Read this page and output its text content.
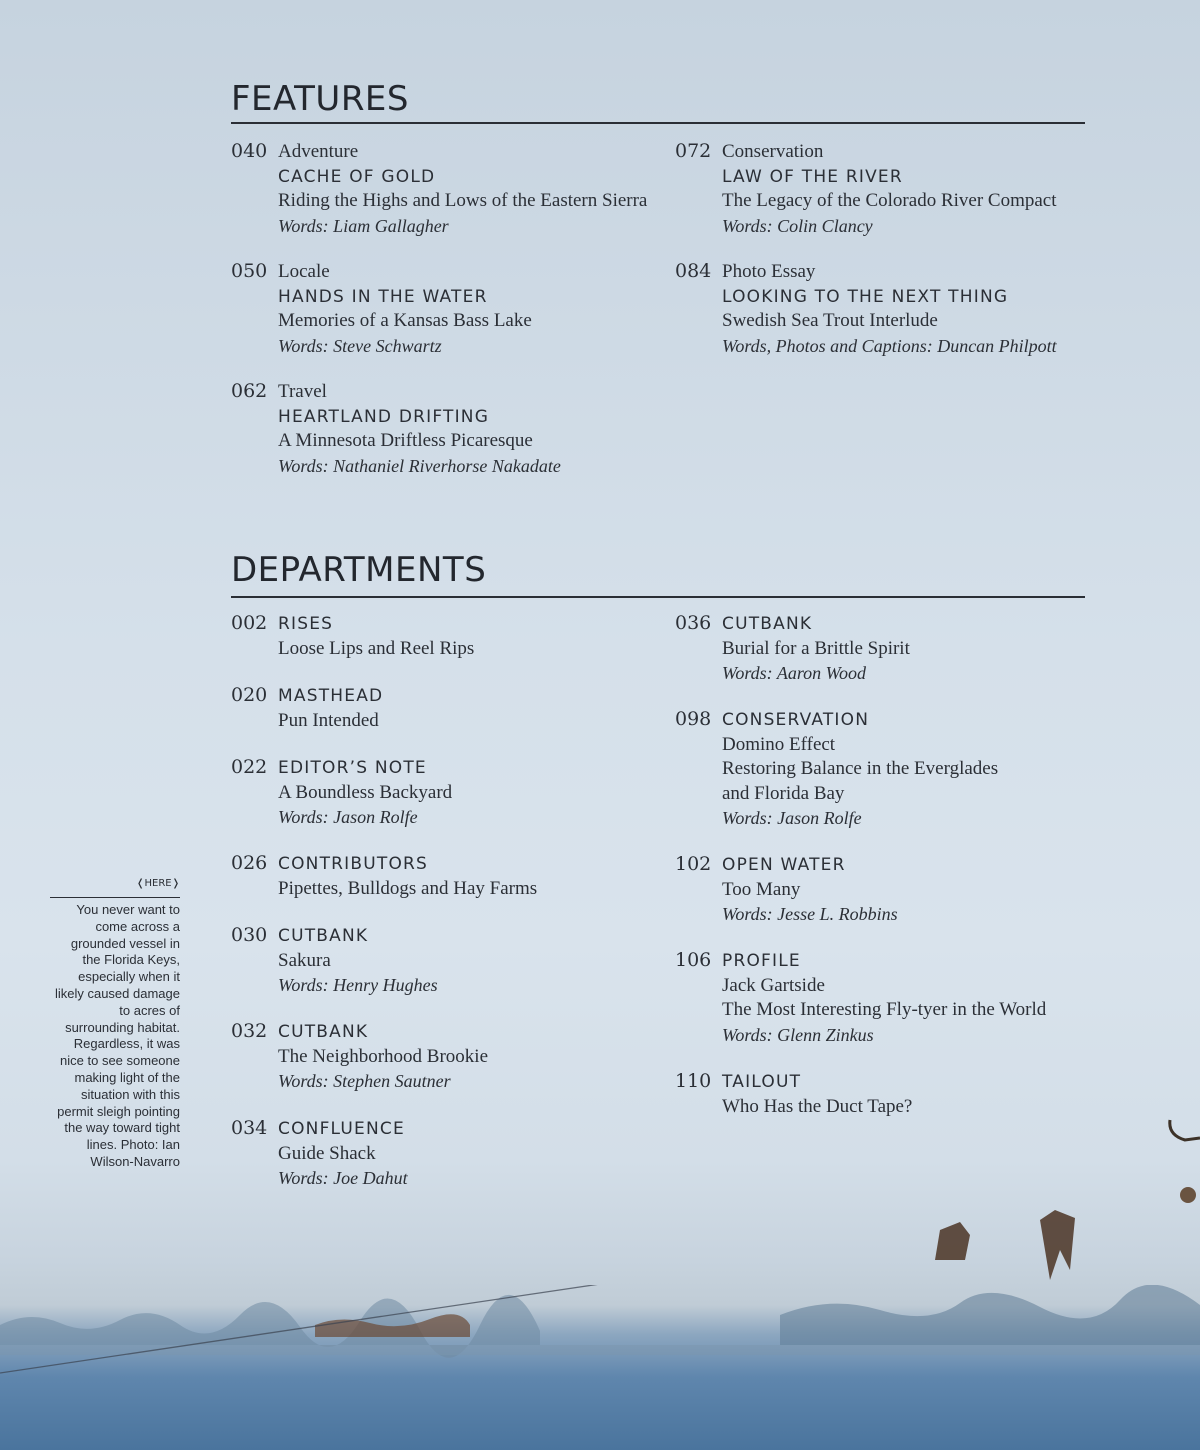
FEATURES
040 Adventure
CACHE OF GOLD
Riding the Highs and Lows of the Eastern Sierra
Words: Liam Gallagher
050 Locale
HANDS IN THE WATER
Memories of a Kansas Bass Lake
Words: Steve Schwartz
062 Travel
HEARTLAND DRIFTING
A Minnesota Driftless Picaresque
Words: Nathaniel Riverhorse Nakadate
072 Conservation
LAW OF THE RIVER
The Legacy of the Colorado River Compact
Words: Colin Clancy
084 Photo Essay
LOOKING TO THE NEXT THING
Swedish Sea Trout Interlude
Words, Photos and Captions: Duncan Philpott
DEPARTMENTS
002 RISES
Loose Lips and Reel Rips
020 MASTHEAD
Pun Intended
022 EDITOR’S NOTE
A Boundless Backyard
Words: Jason Rolfe
026 CONTRIBUTORS
Pipettes, Bulldogs and Hay Farms
030 CUTBANK
Sakura
Words: Henry Hughes
032 CUTBANK
The Neighborhood Brookie
Words: Stephen Sautner
034 CONFLUENCE
Guide Shack
Words: Joe Dahut
036 CUTBANK
Burial for a Brittle Spirit
Words: Aaron Wood
098 CONSERVATION
Domino Effect
Restoring Balance in the Everglades
and Florida Bay
Words: Jason Rolfe
102 OPEN WATER
Too Many
Words: Jesse L. Robbins
106 PROFILE
Jack Gartside
The Most Interesting Fly-tyer in the World
Words: Glenn Zinkus
110 TAILOUT
Who Has the Duct Tape?
❬HERE❭
You never want to come across a grounded vessel in the Florida Keys, especially when it likely caused damage to acres of surrounding habitat. Regardless, it was nice to see someone making light of the situation with this permit sleigh pointing the way toward tight lines. Photo: Ian Wilson-Navarro
